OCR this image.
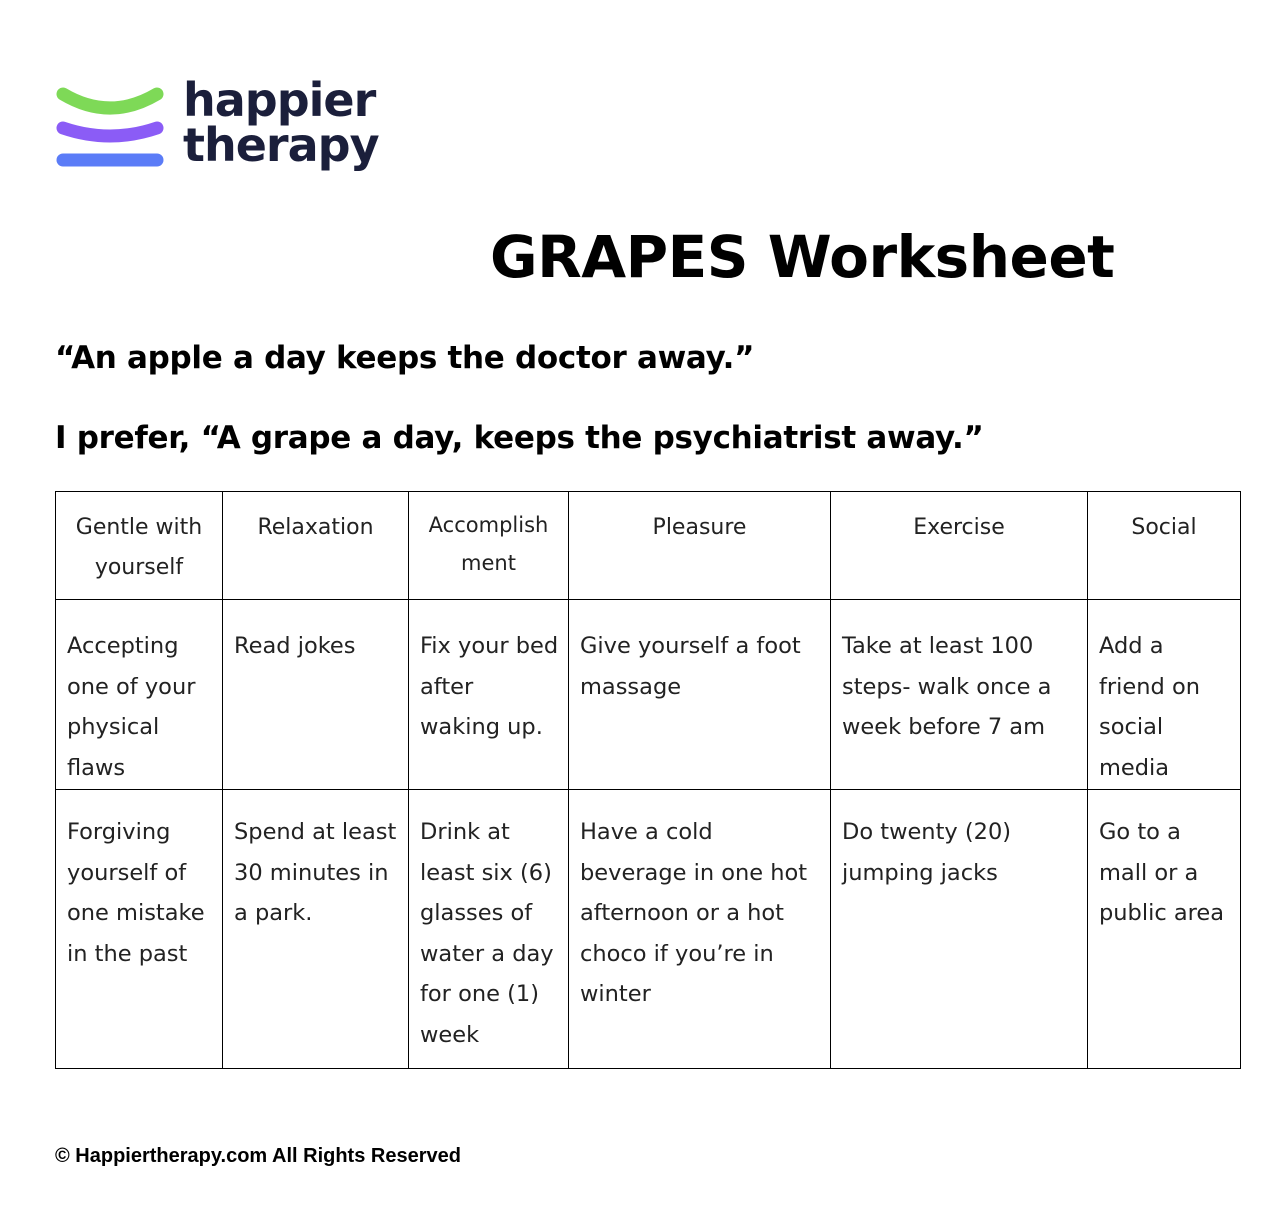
happier
therapy
GRAPES Worksheet

“An apple a day keeps the doctor away.”

I prefer, “A grape a day, keeps the psychiatrist away.”

Gentle with yourself	Relaxation	Accomplish ment	Pleasure	Exercise	Social
Accepting one of your physical flaws	Read jokes	Fix your bed after waking up.	Give yourself a foot massage	Take at least 100 steps- walk once a week before 7 am	Add a friend on social media
Forgiving yourself of one mistake in the past	Spend at least 30 minutes in a park.	Drink at least six (6) glasses of water a day for one (1) week	Have a cold beverage in one hot afternoon or a hot choco if you’re in winter	Do twenty (20) jumping jacks	Go to a mall or a public area

© Happiertherapy.com All Rights Reserved
